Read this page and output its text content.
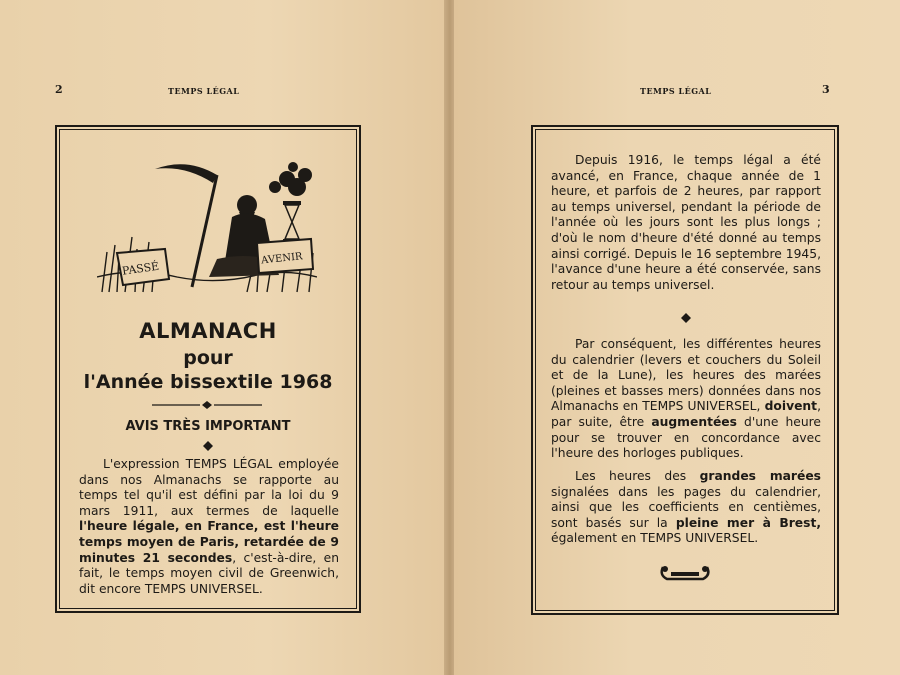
2	TEMPS LÉGAL
PASSÉ
AVENIR
ALMANACH
pour
l'Année bissextile 1968
AVIS TRÈS IMPORTANT
L'expression TEMPS LÉGAL employée dans nos Almanachs se rapporte au temps tel qu'il est défini par la loi du 9 mars 1911, aux termes de laquelle l'heure légale, en France, est l'heure temps moyen de Paris, retardée de 9 minutes 21 secondes, c'est-à-dire, en fait, le temps moyen civil de Greenwich, dit encore TEMPS UNIVERSEL.
TEMPS LÉGAL	3
Depuis 1916, le temps légal a été avancé, en France, chaque année de 1 heure, et parfois de 2 heures, par rapport au temps universel, pendant la période de l'année où les jours sont les plus longs ; d'où le nom d'heure d'été donné au temps ainsi corrigé. Depuis le 16 septembre 1945, l'avance d'une heure a été conservée, sans retour au temps universel.
Par conséquent, les différentes heures du calendrier (levers et couchers du Soleil et de la Lune), les heures des marées (pleines et basses mers) données dans nos Almanachs en TEMPS UNIVERSEL, doivent, par suite, être augmentées d'une heure pour se trouver en concordance avec l'heure des horloges publiques.
Les heures des grandes marées signalées dans les pages du calendrier, ainsi que les coefficients en centièmes, sont basés sur la pleine mer à Brest, également en TEMPS UNIVERSEL.
